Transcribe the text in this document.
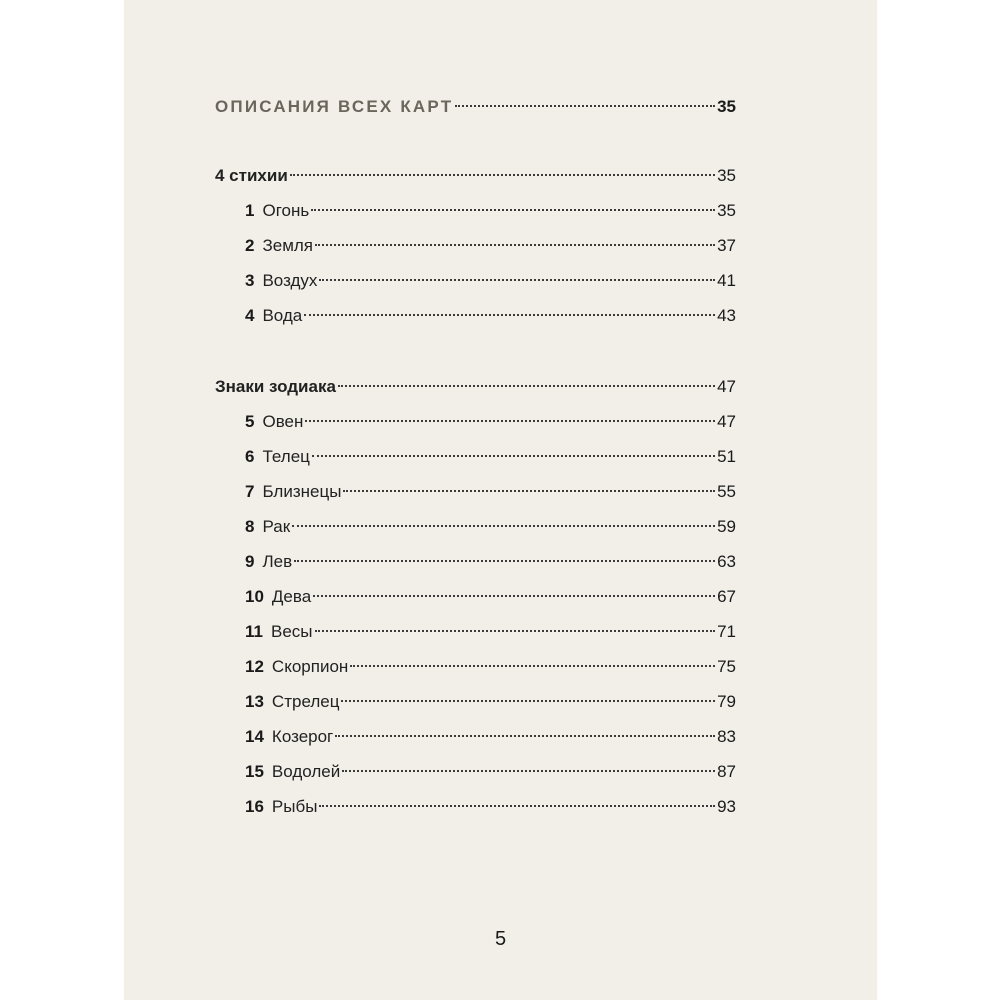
ОПИСАНИЯ ВСЕХ КАРТ	35
4 стихии	35
1 Огонь	35
2 Земля	37
3 Воздух	41
4 Вода	43
Знаки зодиака	47
5 Овен	47
6 Телец	51
7 Близнецы	55
8 Рак	59
9 Лев	63
10 Дева	67
11 Весы	71
12 Скорпион	75
13 Стрелец	79
14 Козерог	83
15 Водолей	87
16 Рыбы	93
5
